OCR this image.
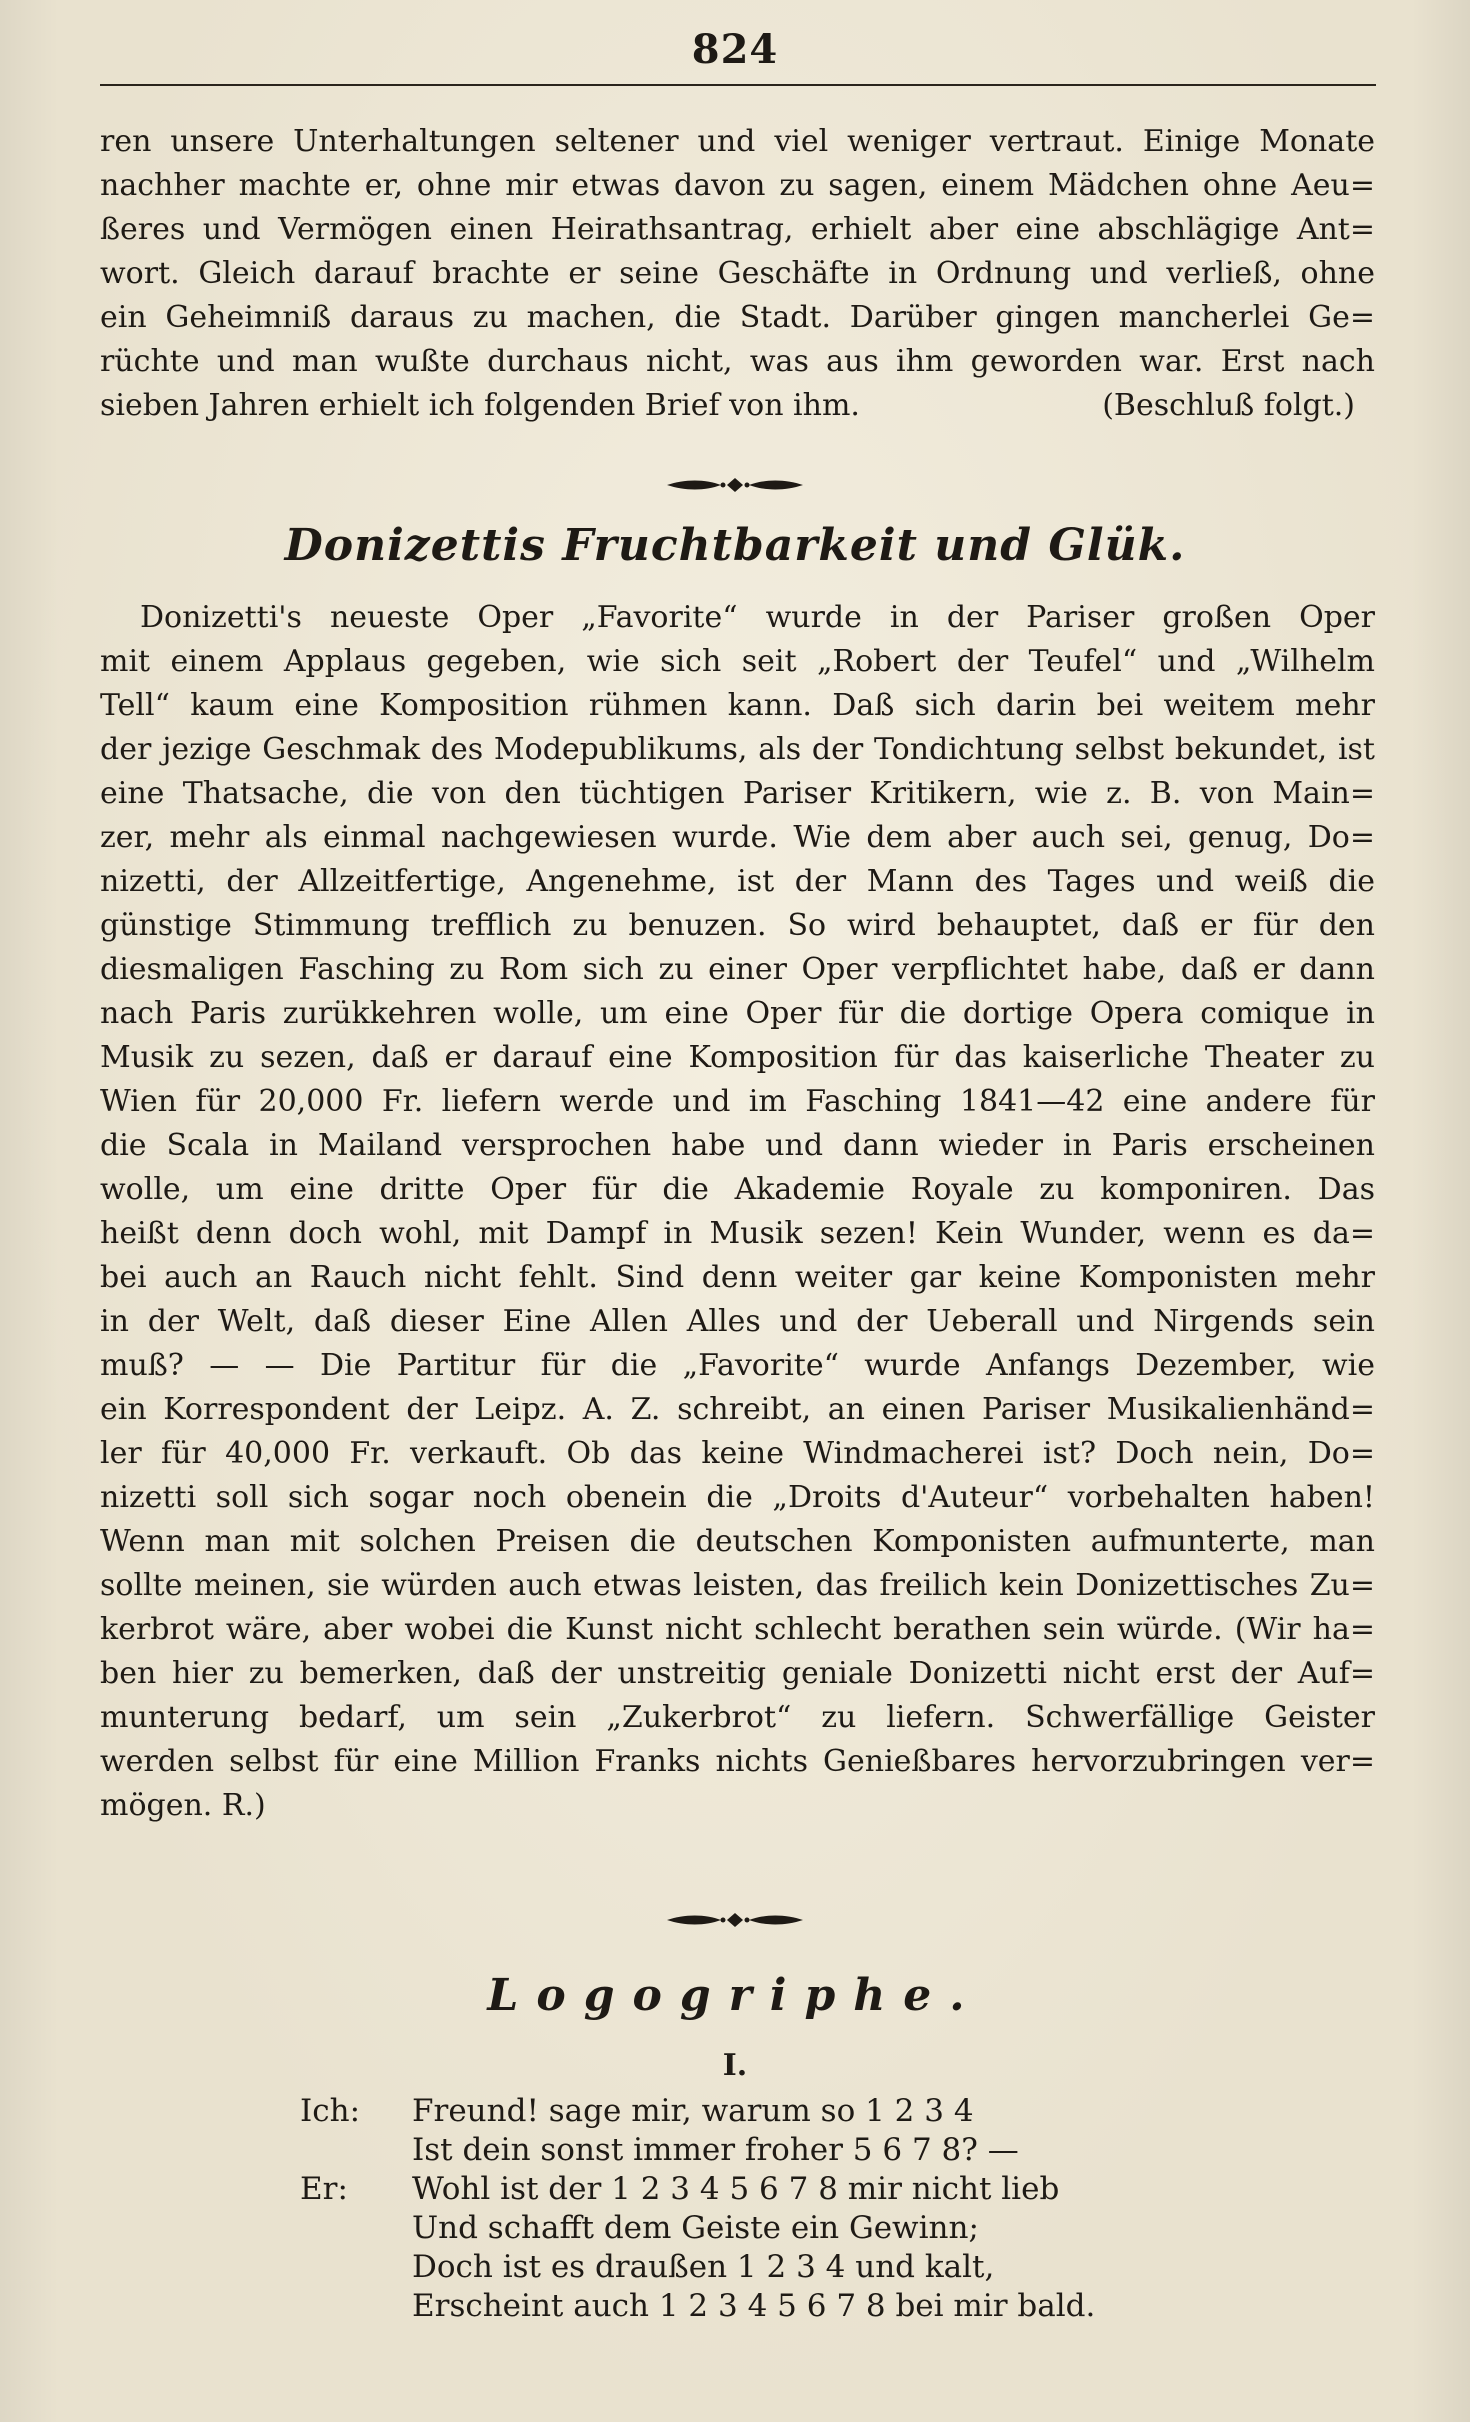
824
ren unsere Unterhaltungen seltener und viel weniger vertraut. Einige Monate
nachher machte er, ohne mir etwas davon zu sagen, einem Mädchen ohne Aeu=
ßeres und Vermögen einen Heirathsantrag, erhielt aber eine abschlägige Ant=
wort. Gleich darauf brachte er seine Geschäfte in Ordnung und verließ, ohne
ein Geheimniß daraus zu machen, die Stadt. Darüber gingen mancherlei Ge=
rüchte und man wußte durchaus nicht, was aus ihm geworden war. Erst nach
sieben Jahren erhielt ich folgenden Brief von ihm.	(Beschluß folgt.)
Donizettis Fruchtbarkeit und Glük.
Donizetti's neueste Oper „Favorite“ wurde in der Pariser großen Oper
mit einem Applaus gegeben, wie sich seit „Robert der Teufel“ und „Wilhelm
Tell“ kaum eine Komposition rühmen kann. Daß sich darin bei weitem mehr
der jezige Geschmak des Modepublikums, als der Tondichtung selbst bekundet, ist
eine Thatsache, die von den tüchtigen Pariser Kritikern, wie z. B. von Main=
zer, mehr als einmal nachgewiesen wurde. Wie dem aber auch sei, genug, Do=
nizetti, der Allzeitfertige, Angenehme, ist der Mann des Tages und weiß die
günstige Stimmung trefflich zu benuzen. So wird behauptet, daß er für den
diesmaligen Fasching zu Rom sich zu einer Oper verpflichtet habe, daß er dann
nach Paris zurükkehren wolle, um eine Oper für die dortige Opera comique in
Musik zu sezen, daß er darauf eine Komposition für das kaiserliche Theater zu
Wien für 20,000 Fr. liefern werde und im Fasching 1841—42 eine andere für
die Scala in Mailand versprochen habe und dann wieder in Paris erscheinen
wolle, um eine dritte Oper für die Akademie Royale zu komponiren. Das
heißt denn doch wohl, mit Dampf in Musik sezen! Kein Wunder, wenn es da=
bei auch an Rauch nicht fehlt. Sind denn weiter gar keine Komponisten mehr
in der Welt, daß dieser Eine Allen Alles und der Ueberall und Nirgends sein
muß? — — Die Partitur für die „Favorite“ wurde Anfangs Dezember, wie
ein Korrespondent der Leipz. A. Z. schreibt, an einen Pariser Musikalienhänd=
ler für 40,000 Fr. verkauft. Ob das keine Windmacherei ist? Doch nein, Do=
nizetti soll sich sogar noch obenein die „Droits d'Auteur“ vorbehalten haben!
Wenn man mit solchen Preisen die deutschen Komponisten aufmunterte, man
sollte meinen, sie würden auch etwas leisten, das freilich kein Donizettisches Zu=
kerbrot wäre, aber wobei die Kunst nicht schlecht berathen sein würde. (Wir ha=
ben hier zu bemerken, daß der unstreitig geniale Donizetti nicht erst der Auf=
munterung bedarf, um sein „Zukerbrot“ zu liefern. Schwerfällige Geister
werden selbst für eine Million Franks nichts Genießbares hervorzubringen ver=
mögen. R.)
Logogriphe.
I.
Ich:	Freund! sage mir, warum so 1 2 3 4
Ist dein sonst immer froher 5 6 7 8? —
Er:	Wohl ist der 1 2 3 4 5 6 7 8 mir nicht lieb
Und schafft dem Geiste ein Gewinn;
Doch ist es draußen 1 2 3 4 und kalt,
Erscheint auch 1 2 3 4 5 6 7 8 bei mir bald.
